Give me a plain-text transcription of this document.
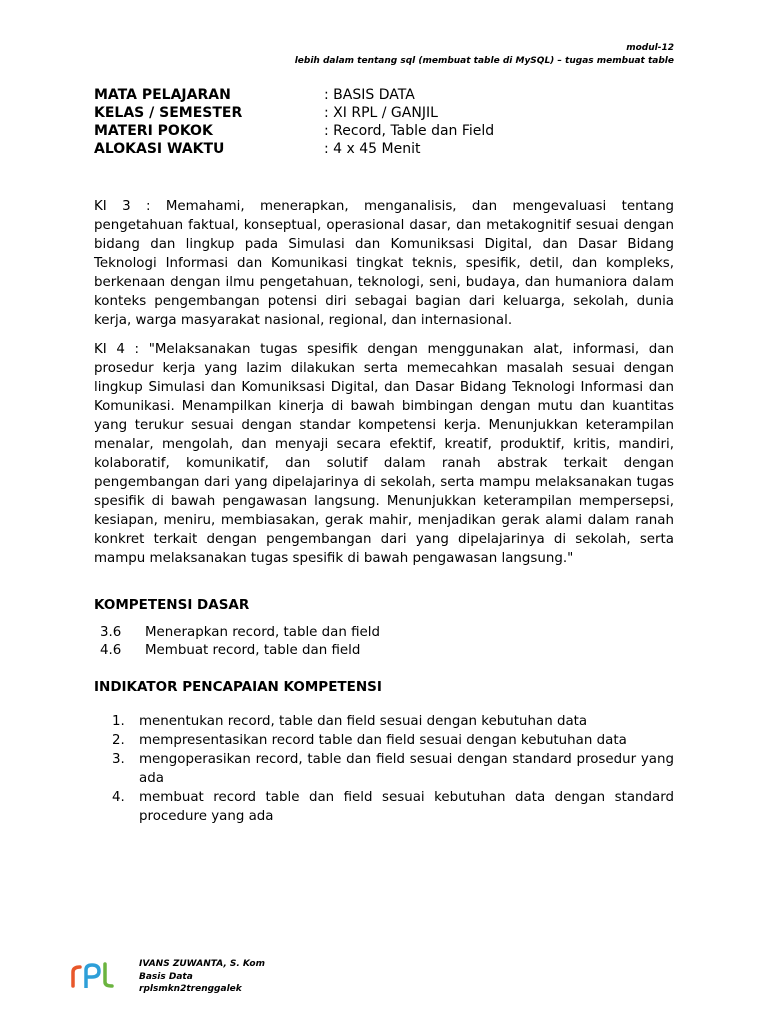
modul-12
lebih dalam tentang sql (membuat table di MySQL) – tugas membuat table
MATA PELAJARAN	: BASIS DATA
KELAS / SEMESTER	: XI RPL / GANJIL
MATERI POKOK	: Record, Table dan Field
ALOKASI WAKTU	: 4 x 45 Menit

KI 3 : Memahami, menerapkan, menganalisis, dan mengevaluasi tentang pengetahuan faktual, konseptual, operasional dasar, dan metakognitif sesuai dengan bidang dan lingkup pada Simulasi dan Komuniksasi Digital, dan Dasar Bidang Teknologi Informasi dan Komunikasi tingkat teknis, spesifik, detil, dan kompleks, berkenaan dengan ilmu pengetahuan, teknologi, seni, budaya, dan humaniora dalam konteks pengembangan potensi diri sebagai bagian dari keluarga, sekolah, dunia kerja, warga masyarakat nasional, regional, dan internasional.

KI 4 : "Melaksanakan tugas spesifik dengan menggunakan alat, informasi, dan prosedur kerja yang lazim dilakukan serta memecahkan masalah sesuai dengan lingkup Simulasi dan Komuniksasi Digital, dan Dasar Bidang Teknologi Informasi dan Komunikasi. Menampilkan kinerja di bawah bimbingan dengan mutu dan kuantitas yang terukur sesuai dengan standar kompetensi kerja. Menunjukkan keterampilan menalar, mengolah, dan menyaji secara efektif, kreatif, produktif, kritis, mandiri, kolaboratif, komunikatif, dan solutif dalam ranah abstrak terkait dengan pengembangan dari yang dipelajarinya di sekolah, serta mampu melaksanakan tugas spesifik di bawah pengawasan langsung. Menunjukkan keterampilan mempersepsi, kesiapan, meniru, membiasakan, gerak mahir, menjadikan gerak alami dalam ranah konkret terkait dengan pengembangan dari yang dipelajarinya di sekolah, serta mampu melaksanakan tugas spesifik di bawah pengawasan langsung."

KOMPETENSI DASAR
3.6	Menerapkan record, table dan field
4.6	Membuat record, table dan field
INDIKATOR PENCAPAIAN KOMPETENSI
1.	menentukan record, table dan field sesuai dengan kebutuhan data
2.	mempresentasikan record table dan field sesuai dengan kebutuhan data
3.	mengoperasikan record, table dan field sesuai dengan standard prosedur yang ada
4.	membuat record table dan field sesuai kebutuhan data dengan standard procedure yang ada
IVANS ZUWANTA, S. Kom
Basis Data
rplsmkn2trenggalek
